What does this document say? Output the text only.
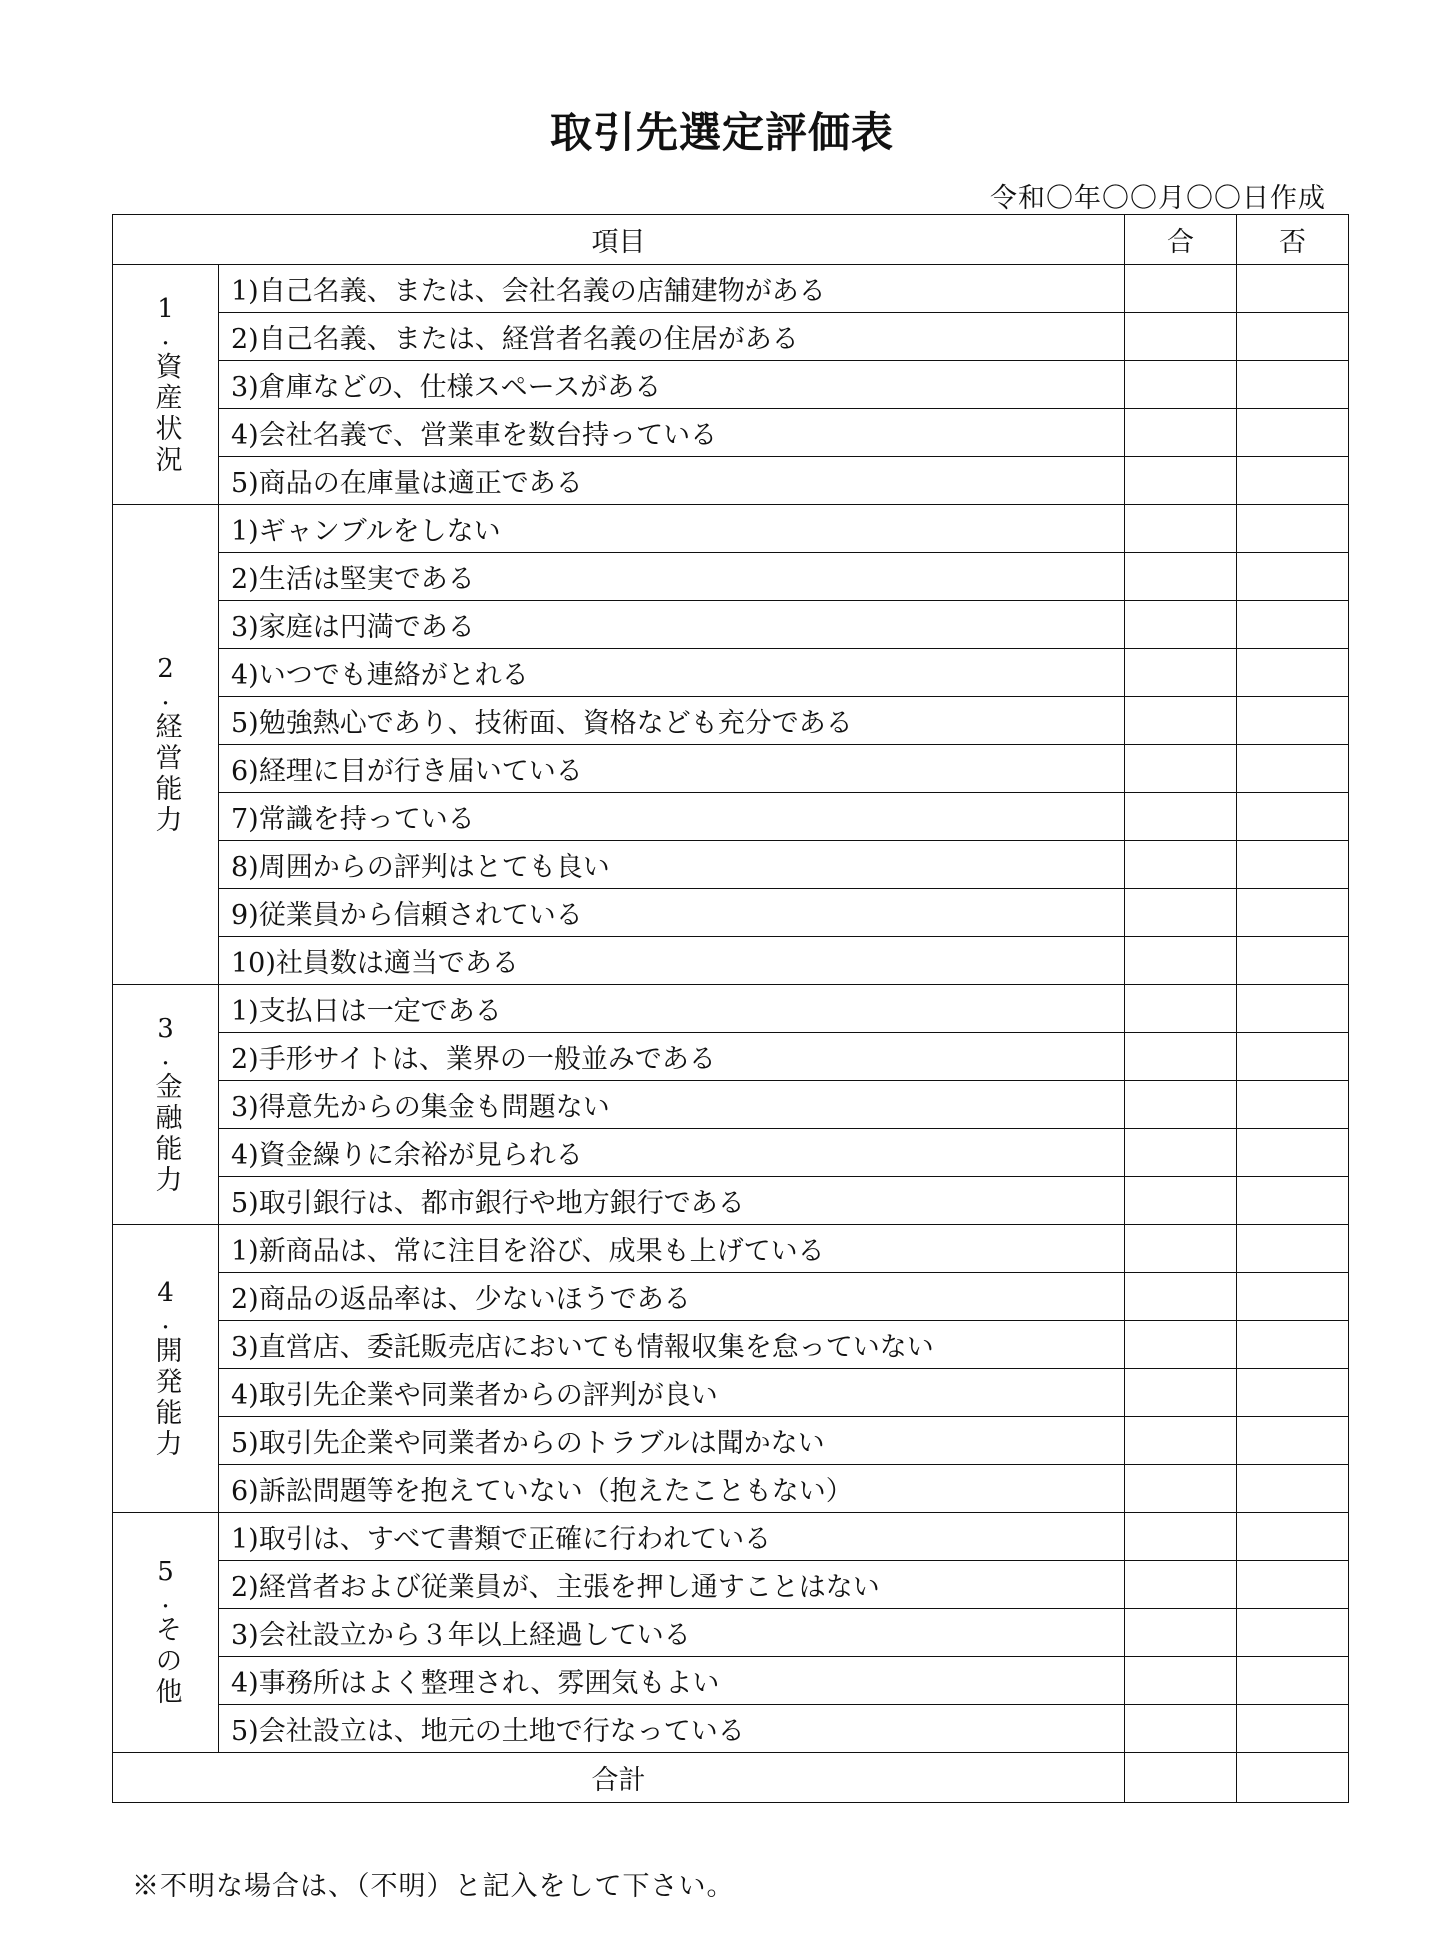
取引先選定評価表
令和〇年〇〇月〇〇日作成
項目		合	否

1
.
資産状況	1)自己名義、または、会社名義の店舗建物がある		
	2)自己名義、または、経営者名義の住居がある		
	3)倉庫などの、仕様スペースがある		
	4)会社名義で、営業車を数台持っている		
	5)商品の在庫量は適正である		

2
.
経営能力	1)ギャンブルをしない		
	2)生活は堅実である		
	3)家庭は円満である		
	4)いつでも連絡がとれる		
	5)勉強熱心であり、技術面、資格なども充分である		
	6)経理に目が行き届いている		
	7)常識を持っている		
	8)周囲からの評判はとても良い		
	9)従業員から信頼されている		
	10)社員数は適当である		

3
.
金融能力	1)支払日は一定である		
	2)手形サイトは、業界の一般並みである		
	3)得意先からの集金も問題ない		
	4)資金繰りに余裕が見られる		
	5)取引銀行は、都市銀行や地方銀行である		

4
.
開発能力	1)新商品は、常に注目を浴び、成果も上げている		
	2)商品の返品率は、少ないほうである		
	3)直営店、委託販売店においても情報収集を怠っていない		
	4)取引先企業や同業者からの評判が良い		
	5)取引先企業や同業者からのトラブルは聞かない		
	6)訴訟問題等を抱えていない（抱えたこともない）		

5
.
その他	1)取引は、すべて書類で正確に行われている		
	2)経営者および従業員が、主張を押し通すことはない		
	3)会社設立から３年以上経過している		
	4)事務所はよく整理され、雰囲気もよい		
	5)会社設立は、地元の土地で行なっている		
合計			
※不明な場合は、（不明）と記入をして下さい。
